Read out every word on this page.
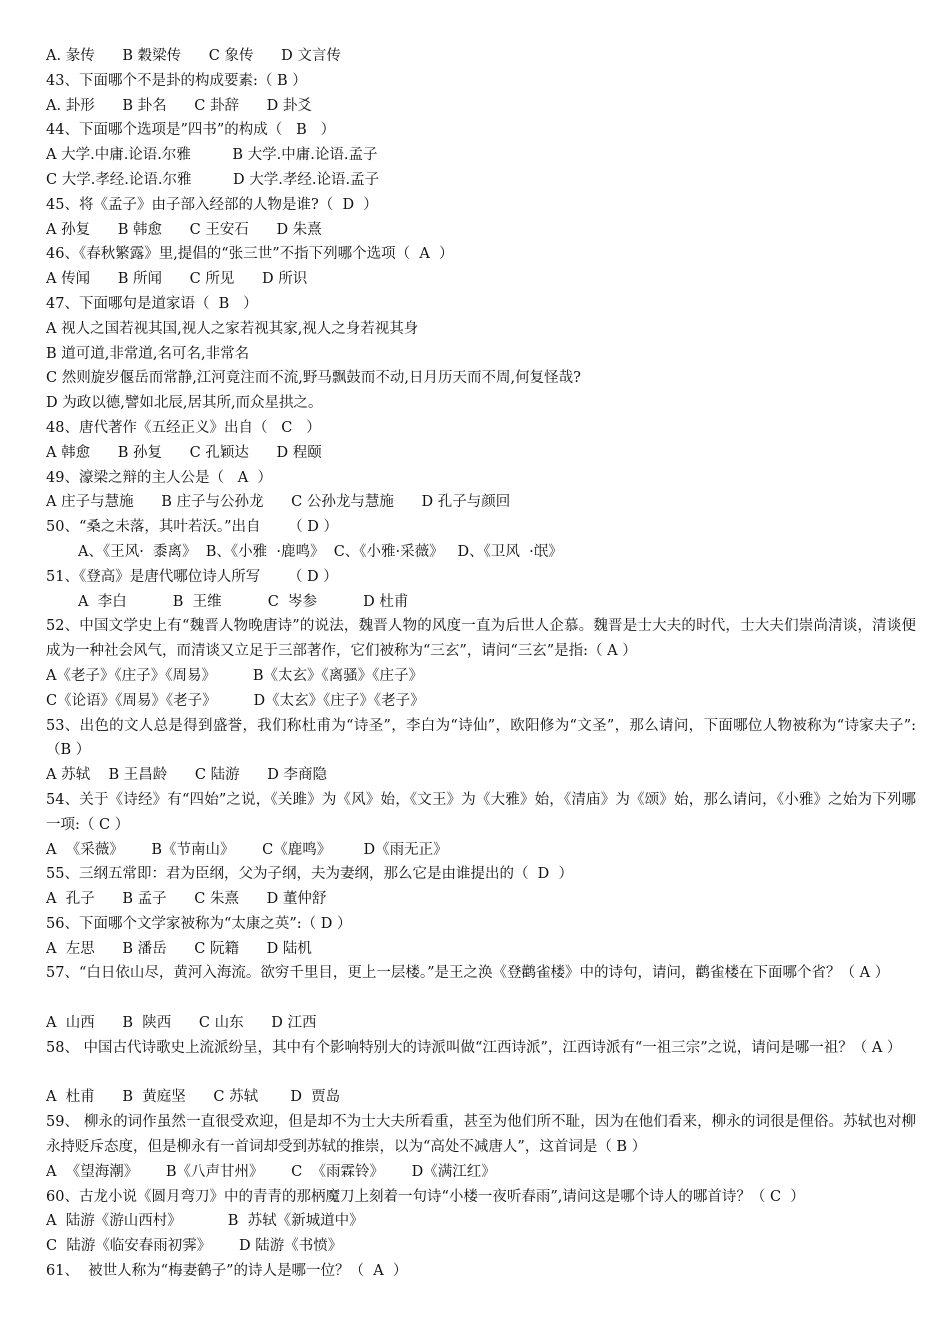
A. 彖传      B 穀梁传      C 象传      D 文言传
43、下面哪个不是卦的构成要素:（ B ）
A. 卦形      B 卦名      C 卦辞      D 卦爻
44、下面哪个选项是”四书”的构成（   B   ）
A 大学.中庸.论语.尔雅         B 大学.中庸.论语.孟子
C 大学.孝经.论语.尔雅         D 大学.孝经.论语.孟子
45、将《孟子》由子部入经部的人物是谁?（  D  ）
A 孙复      B 韩愈      C 王安石      D 朱熹
46、《春秋繁露》里,提倡的“张三世”不指下列哪个选项（  A  ）
A 传闻      B 所闻      C 所见      D 所识
47、下面哪句是道家语（  B   ）
A 视人之国若视其国,视人之家若视其家,视人之身若视其身
B 道可道,非常道,名可名,非常名
C 然则旋岁偃岳而常静,江河竟注而不流,野马飘鼓而不动,日月历天而不周,何复怪哉?
D 为政以德,譬如北辰,居其所,而众星拱之。
48、唐代著作《五经正义》出自（   C   ）
A 韩愈      B 孙复      C 孔颖达      D 程颐
49、濠梁之辩的主人公是（   A  ）
A 庄子与慧施      B 庄子与公孙龙      C 公孙龙与慧施      D 孔子与颜回
50、“桑之未落，其叶若沃。”出自      （ D ）
A、《王风·  黍离》  B、《小雅  ·鹿鸣》  C、《小雅·采薇》   D、《卫风  ·氓》
51、《登高》是唐代哪位诗人所写      （ D ）
A  李白          B  王维          C  岑参          D 杜甫
52、中国文学史上有“魏晋人物晚唐诗”的说法，魏晋人物的风度一直为后世人企慕。魏晋是士大夫的时代，士大夫们崇尚清谈，清谈便成为一种社会风气，而清谈又立足于三部著作，它们被称为“三玄”，请问“三玄”是指:（ A ）
A《老子》《庄子》《周易》        B《太玄》《离骚》《庄子》
C《论语》《周易》《老子》        D《太玄》《庄子》《老子》
53、出色的文人总是得到盛誉，我们称杜甫为“诗圣”，李白为“诗仙”，欧阳修为“文圣”，那么请问，下面哪位人物被称为“诗家夫子”:（B ）
A 苏轼    B 王昌龄      C 陆游      D 李商隐
54、关于《诗经》有“四始”之说，《关雎》为《风》始，《文王》为《大雅》始，《清庙》为《颂》始，那么请问，《小雅》之始为下列哪一项:（ C ）
A  《采薇》      B《节南山》      C《鹿鸣》       D《雨无正》
55、三纲五常即：君为臣纲，父为子纲，夫为妻纲，那么它是由谁提出的（  D  ）
A  孔子      B 孟子      C 朱熹      D 董仲舒
56、下面哪个文学家被称为“太康之英”:（ D ）
A  左思      B 潘岳      C 阮籍      D 陆机
57、“白日依山尽，黄河入海流。欲穷千里目，更上一层楼。”是王之涣《登鹳雀楼》中的诗句，请问，鹳雀楼在下面哪个省？（ A ）
A  山西      B  陕西      C 山东      D 江西
58、 中国古代诗歌史上流派纷呈，其中有个影响特别大的诗派叫做“江西诗派”，江西诗派有“一祖三宗”之说，请问是哪一祖？（ A ）
A  杜甫      B  黄庭坚      C 苏轼       D  贾岛
59、 柳永的词作虽然一直很受欢迎，但是却不为士大夫所看重，甚至为他们所不耻，因为在他们看来，柳永的词很是俚俗。苏轼也对柳永持贬斥态度，但是柳永有一首词却受到苏轼的推崇，以为“高处不减唐人”，这首词是（ B ）
A  《望海潮》      B《八声甘州》      C  《雨霖铃》      D《满江红》
60、古龙小说《圆月弯刀》中的青青的那柄魔刀上刻着一句诗“小楼一夜听春雨”,请问这是哪个诗人的哪首诗？（ C  ）
A  陆游《游山西村》          B  苏轼《新城道中》
C  陆游《临安春雨初霁》      D 陆游《书愤》
61、  被世人称为“梅妻鹤子”的诗人是哪一位？（  A  ）
